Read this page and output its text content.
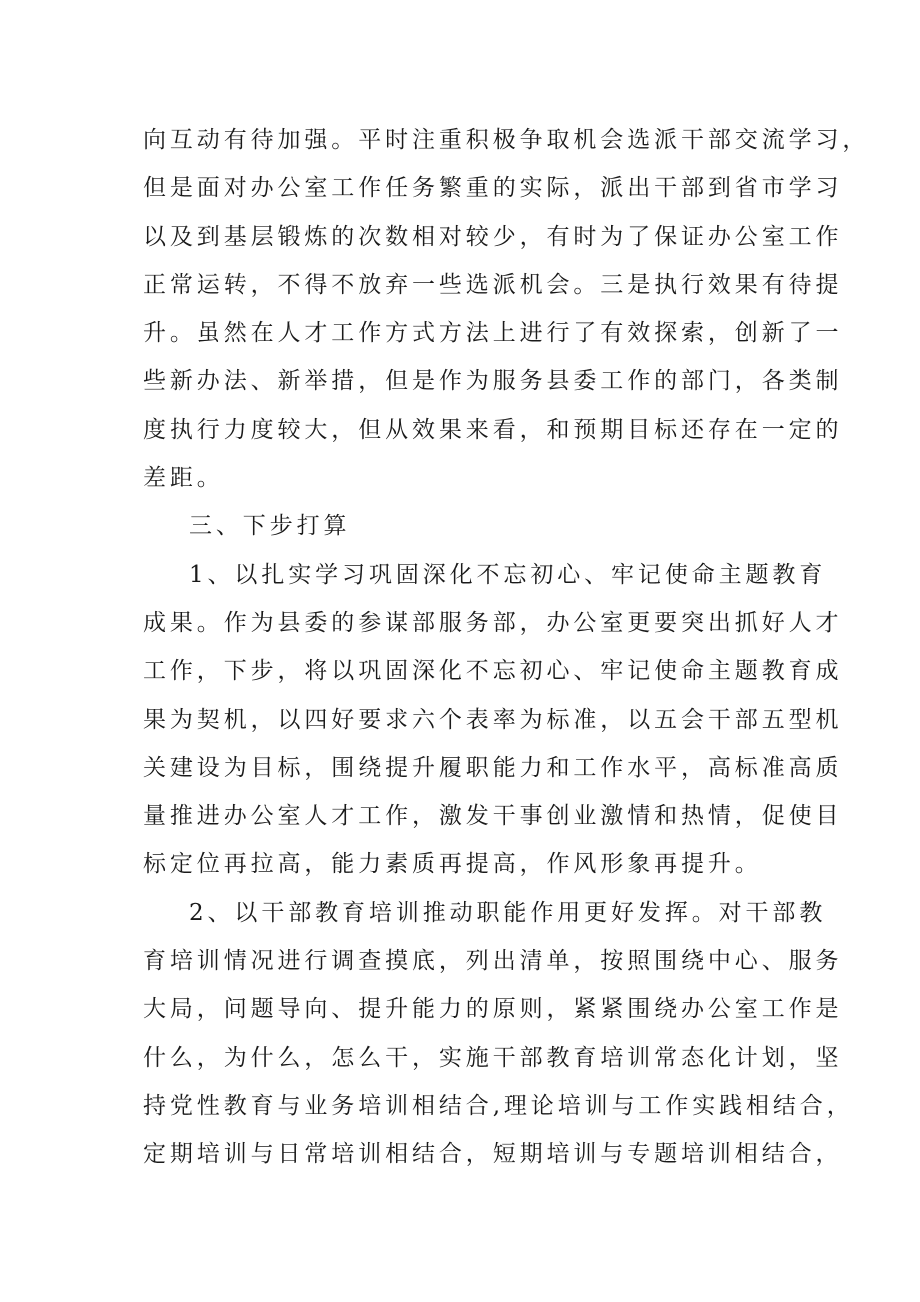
向互动有待加强。平时注重积极争取机会选派干部交流学习，
但是面对办公室工作任务繁重的实际，派出干部到省市学习
以及到基层锻炼的次数相对较少，有时为了保证办公室工作
正常运转，不得不放弃一些选派机会。三是执行效果有待提
升。虽然在人才工作方式方法上进行了有效探索，创新了一
些新办法、新举措，但是作为服务县委工作的部门，各类制
度执行力度较大，但从效果来看，和预期目标还存在一定的
差距。
三、下步打算
1、以扎实学习巩固深化不忘初心、牢记使命主题教育
成果。作为县委的参谋部服务部，办公室更要突出抓好人才
工作，下步，将以巩固深化不忘初心、牢记使命主题教育成
果为契机，以四好要求六个表率为标准，以五会干部五型机
关建设为目标，围绕提升履职能力和工作水平，高标准高质
量推进办公室人才工作，激发干事创业激情和热情，促使目
标定位再拉高，能力素质再提高，作风形象再提升。
2、以干部教育培训推动职能作用更好发挥。对干部教
育培训情况进行调查摸底，列出清单，按照围绕中心、服务
大局，问题导向、提升能力的原则，紧紧围绕办公室工作是
什么，为什么，怎么干，实施干部教育培训常态化计划，坚
持党性教育与业务培训相结合,理论培训与工作实践相结合，
定期培训与日常培训相结合，短期培训与专题培训相结合，
